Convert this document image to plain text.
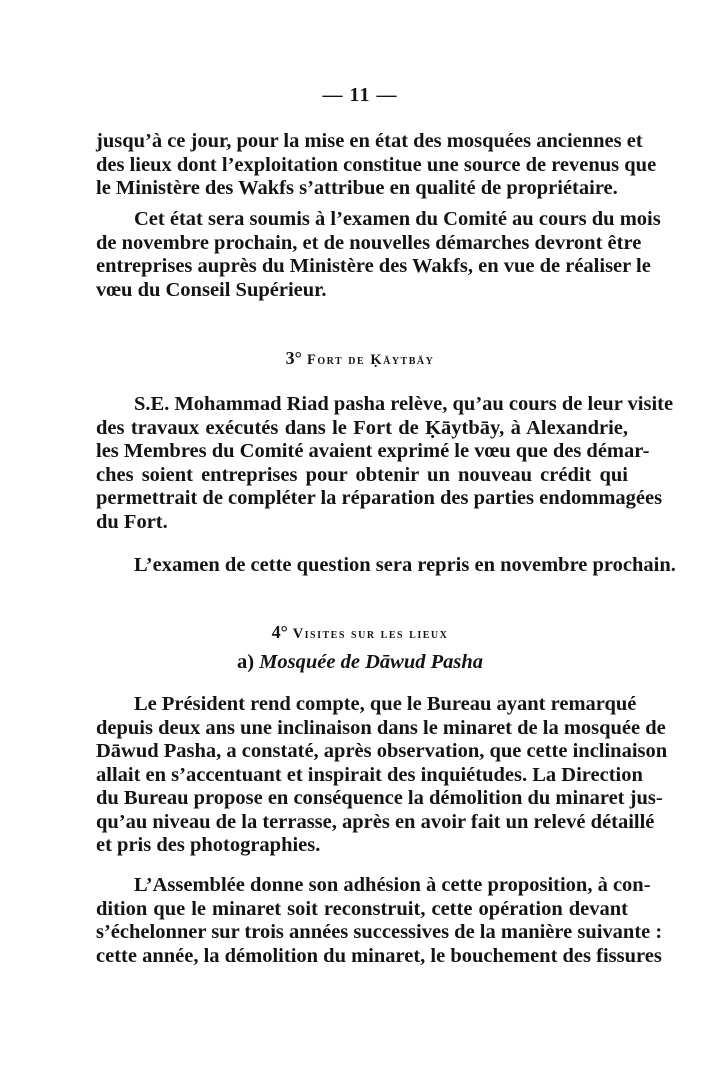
— 11 —
jusqu’à ce jour, pour la mise en état des mosquées anciennes et
des lieux dont l’exploitation constitue une source de revenus que
le Ministère des Wakfs s’attribue en qualité de propriétaire.
Cet état sera soumis à l’examen du Comité au cours du mois
de novembre prochain, et de nouvelles démarches devront être
entreprises auprès du Ministère des Wakfs, en vue de réaliser le
vœu du Conseil Supérieur.
3° Fort de Ḳāytbāy
S.E. Mohammad Riad pasha relève, qu’au cours de leur visite
des travaux exécutés dans le Fort de Ḳāytbāy, à Alexandrie,
les Membres du Comité avaient exprimé le vœu que des démar-
ches soient entreprises pour obtenir un nouveau crédit qui
permettrait de compléter la réparation des parties endommagées
du Fort.
L’examen de cette question sera repris en novembre prochain.
4° Visites sur les lieux
a) Mosquée de Dāwud Pasha
Le Président rend compte, que le Bureau ayant remarqué
depuis deux ans une inclinaison dans le minaret de la mosquée de
Dāwud Pasha, a constaté, après observation, que cette inclinaison
allait en s’accentuant et inspirait des inquiétudes. La Direction
du Bureau propose en conséquence la démolition du minaret jus-
qu’au niveau de la terrasse, après en avoir fait un relevé détaillé
et pris des photographies.
L’Assemblée donne son adhésion à cette proposition, à con-
dition que le minaret soit reconstruit, cette opération devant
s’échelonner sur trois années successives de la manière suivante :
cette année, la démolition du minaret, le bouchement des fissures
